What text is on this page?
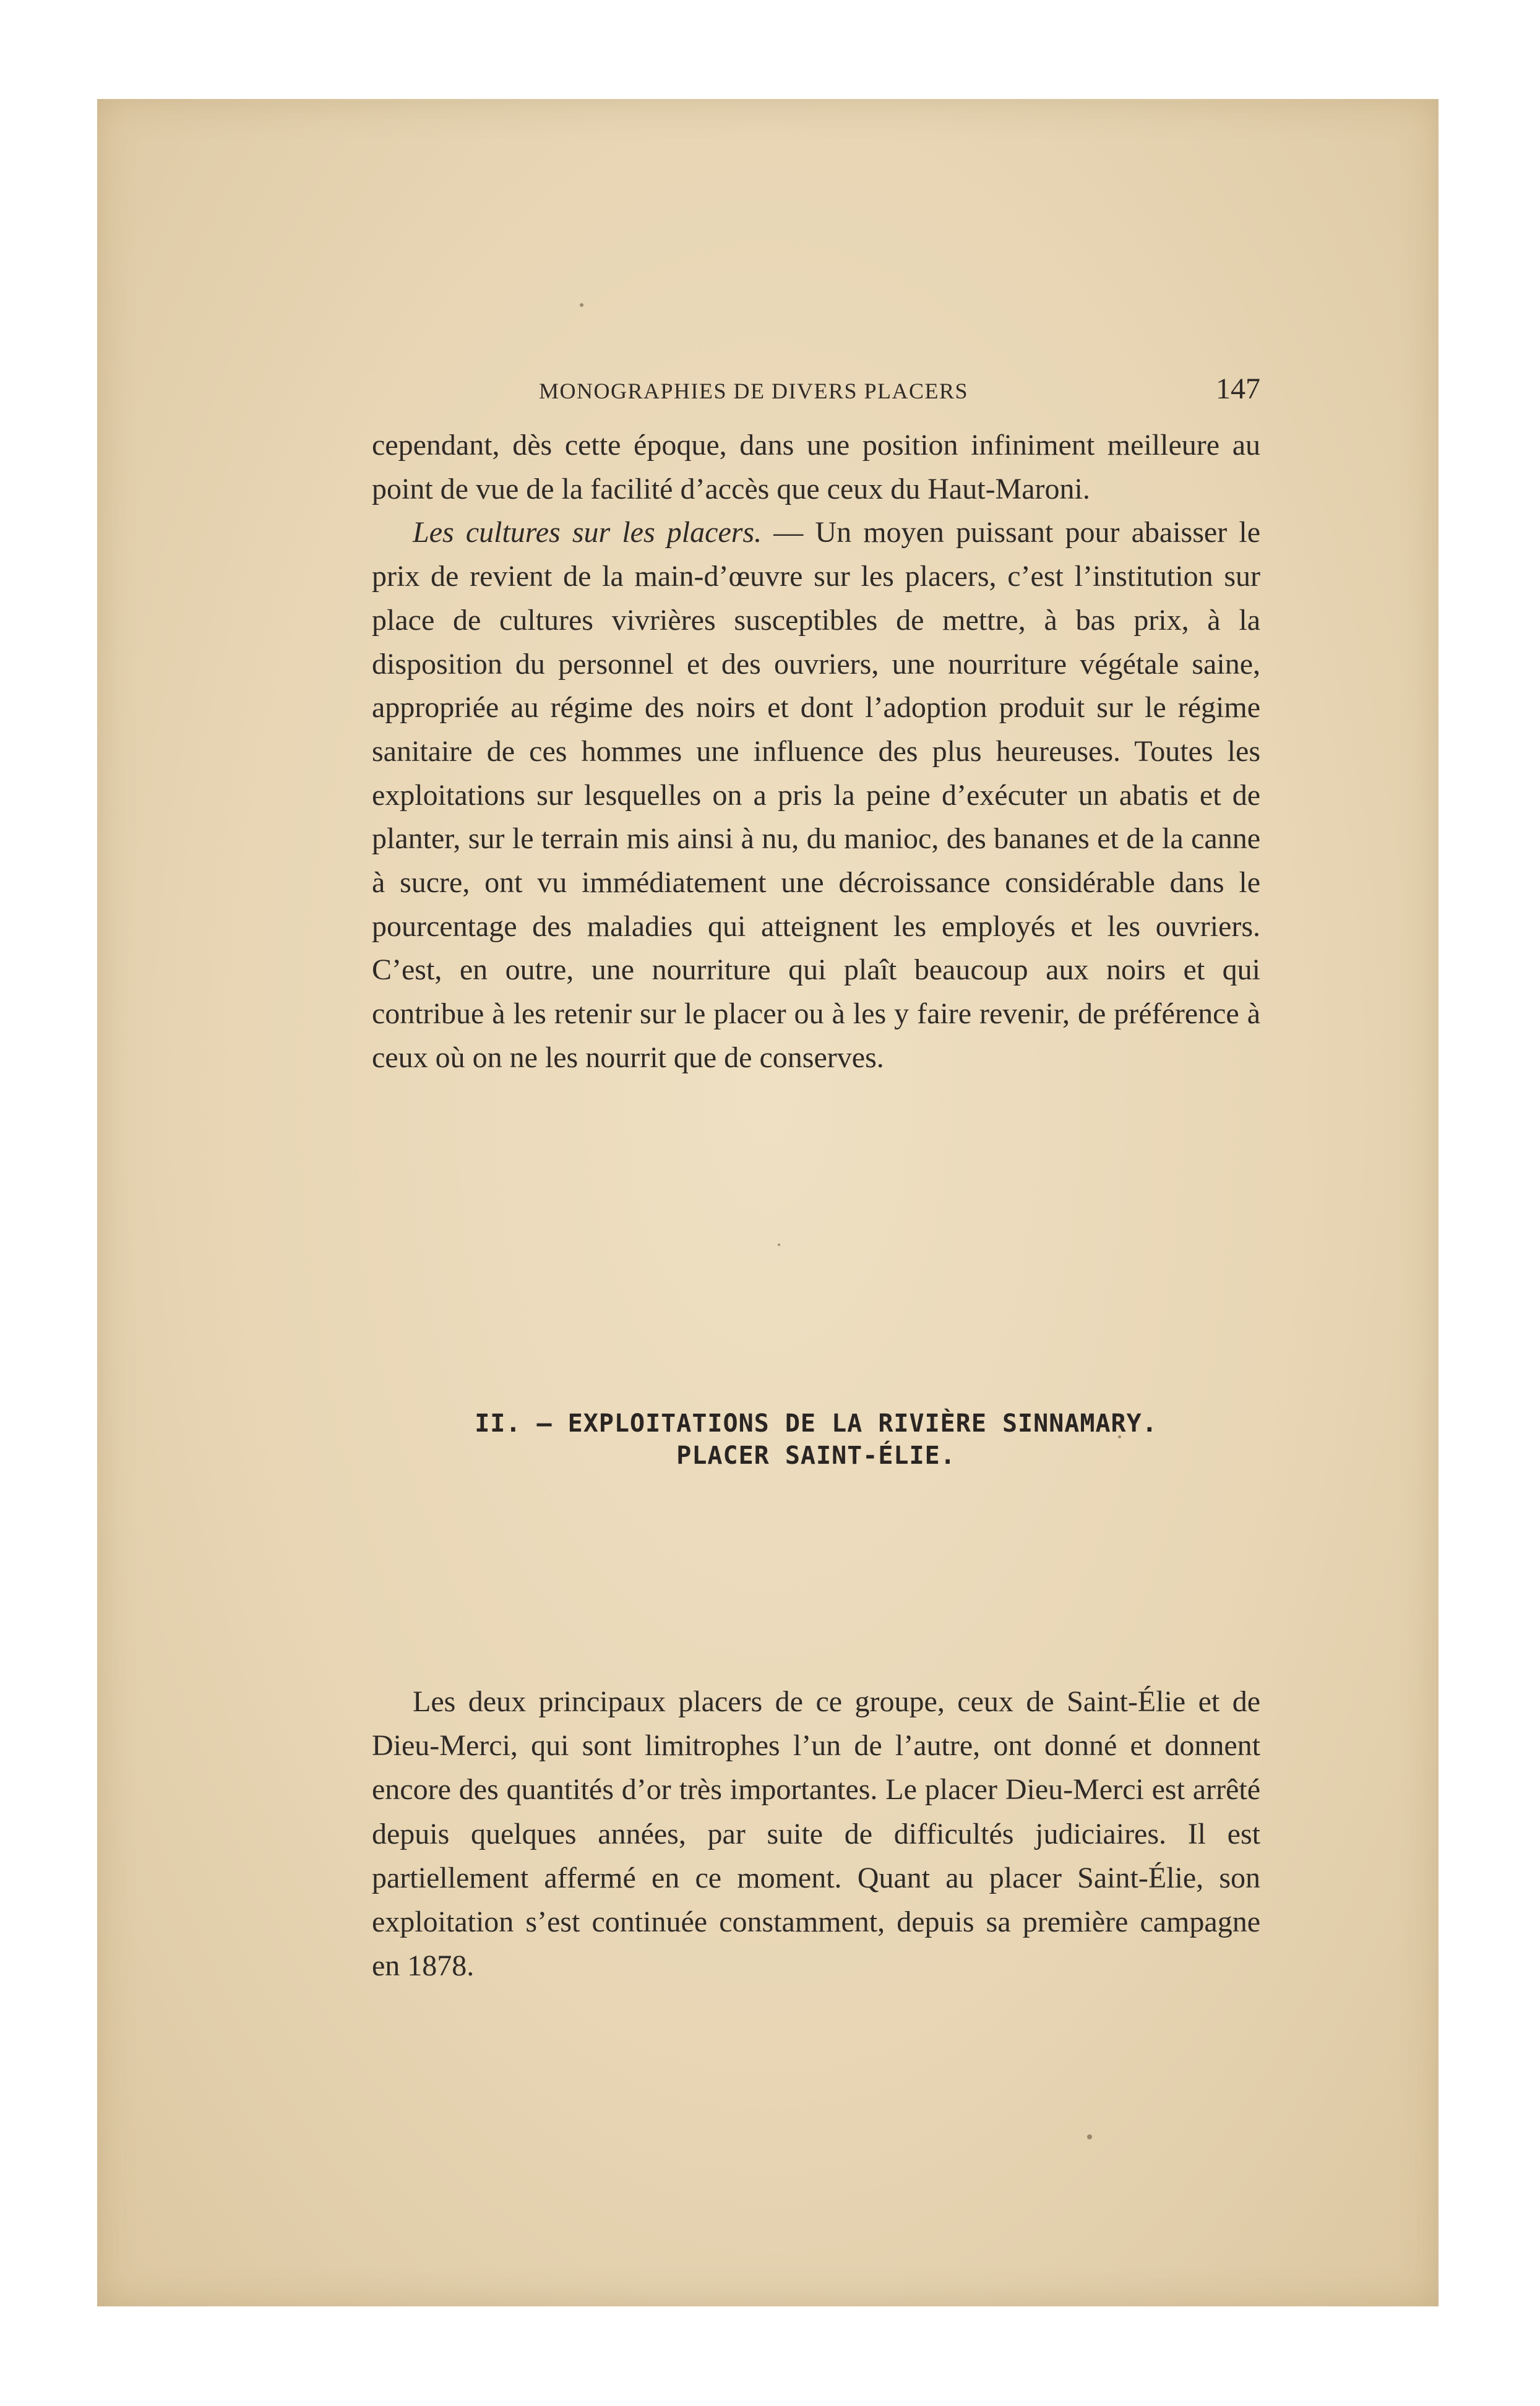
MONOGRAPHIES DE DIVERS PLACERS	147

cependant, dès cette époque, dans une position infiniment meilleure au point de vue de la facilité d’accès que ceux du Haut-Maroni.

Les cultures sur les placers. — Un moyen puissant pour abaisser le prix de revient de la main-d’œuvre sur les placers, c’est l’institution sur place de cultures vivrières susceptibles de mettre, à bas prix, à la disposition du personnel et des ouvriers, une nourriture végétale saine, appropriée au régime des noirs et dont l’adoption produit sur le régime sanitaire de ces hommes une influence des plus heureuses. Toutes les exploitations sur lesquelles on a pris la peine d’exécuter un abatis et de planter, sur le terrain mis ainsi à nu, du manioc, des bananes et de la canne à sucre, ont vu immédiatement une décroissance considérable dans le pourcentage des maladies qui atteignent les employés et les ouvriers. C’est, en outre, une nourriture qui plaît beaucoup aux noirs et qui contribue à les retenir sur le placer ou à les y faire revenir, de préférence à ceux où on ne les nourrit que de conserves.

II. — EXPLOITATIONS DE LA RIVIÈRE SINNAMARY.
PLACER SAINT-ÉLIE.

Les deux principaux placers de ce groupe, ceux de Saint-Élie et de Dieu-Merci, qui sont limitrophes l’un de l’autre, ont donné et donnent encore des quantités d’or très importantes. Le placer Dieu-Merci est arrêté depuis quelques années, par suite de difficultés judiciaires. Il est partiellement affermé en ce moment. Quant au placer Saint-Élie, son exploitation s’est continuée constamment, depuis sa première campagne en 1878.
